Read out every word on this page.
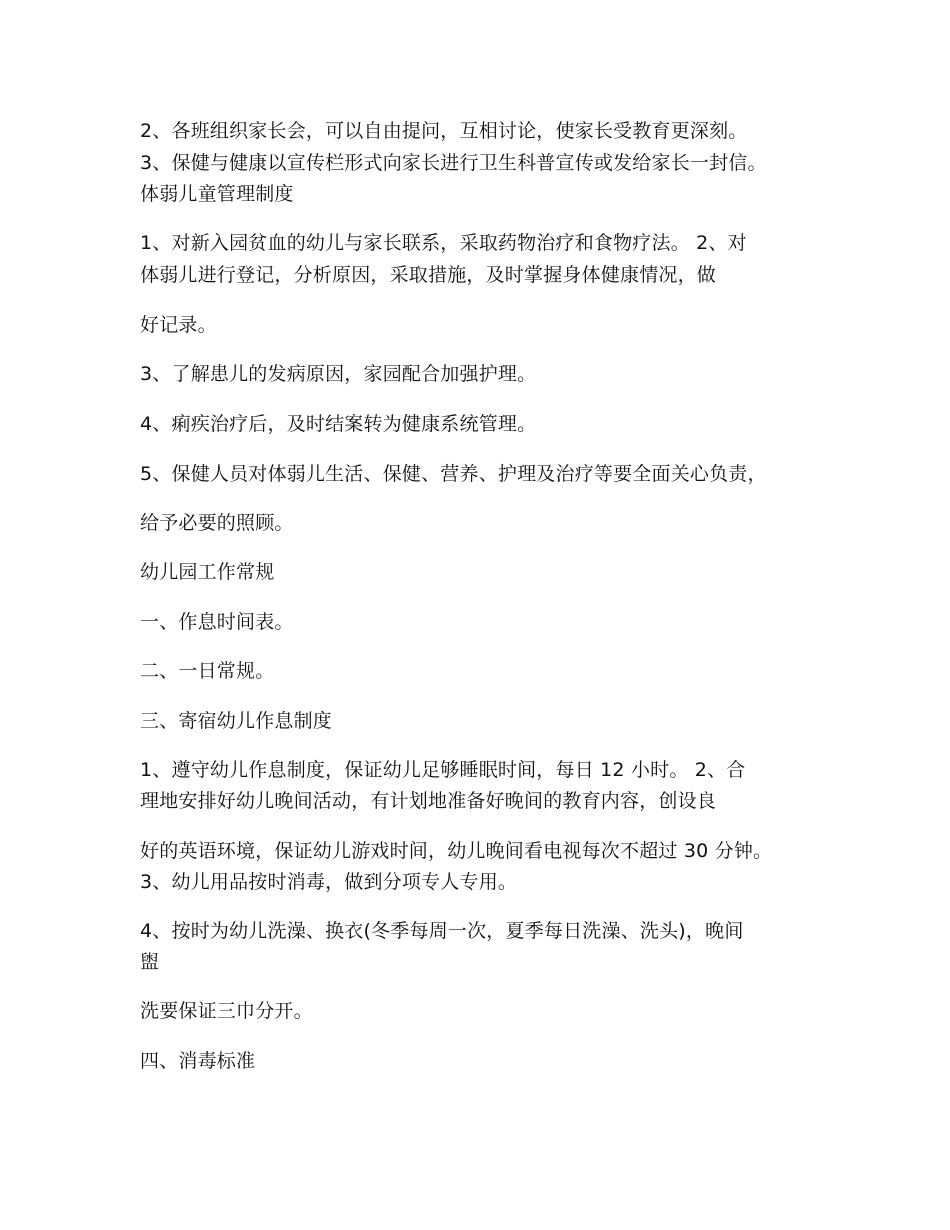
2、各班组织家长会，可以自由提问，互相讨论，使家长受教育更深刻。

3、保健与健康以宣传栏形式向家长进行卫生科普宣传或发给家长一封信。

体弱儿童管理制度

1、对新入园贫血的幼儿与家长联系，采取药物治疗和食物疗法。 2、对

体弱儿进行登记，分析原因，采取措施，及时掌握身体健康情况，做

好记录。

3、了解患儿的发病原因，家园配合加强护理。

4、痢疾治疗后，及时结案转为健康系统管理。

5、保健人员对体弱儿生活、保健、营养、护理及治疗等要全面关心负责，

给予必要的照顾。

幼儿园工作常规

一、作息时间表。

二、一日常规。

三、寄宿幼儿作息制度

1、遵守幼儿作息制度，保证幼儿足够睡眠时间，每日 12 小时。 2、合

理地安排好幼儿晚间活动，有计划地准备好晚间的教育内容，创设良

好的英语环境，保证幼儿游戏时间，幼儿晚间看电视每次不超过 30 分钟。

3、幼儿用品按时消毒，做到分项专人专用。

4、按时为幼儿洗澡、换衣(冬季每周一次，夏季每日洗澡、洗头)，晚间

盥

洗要保证三巾分开。

四、消毒标准
